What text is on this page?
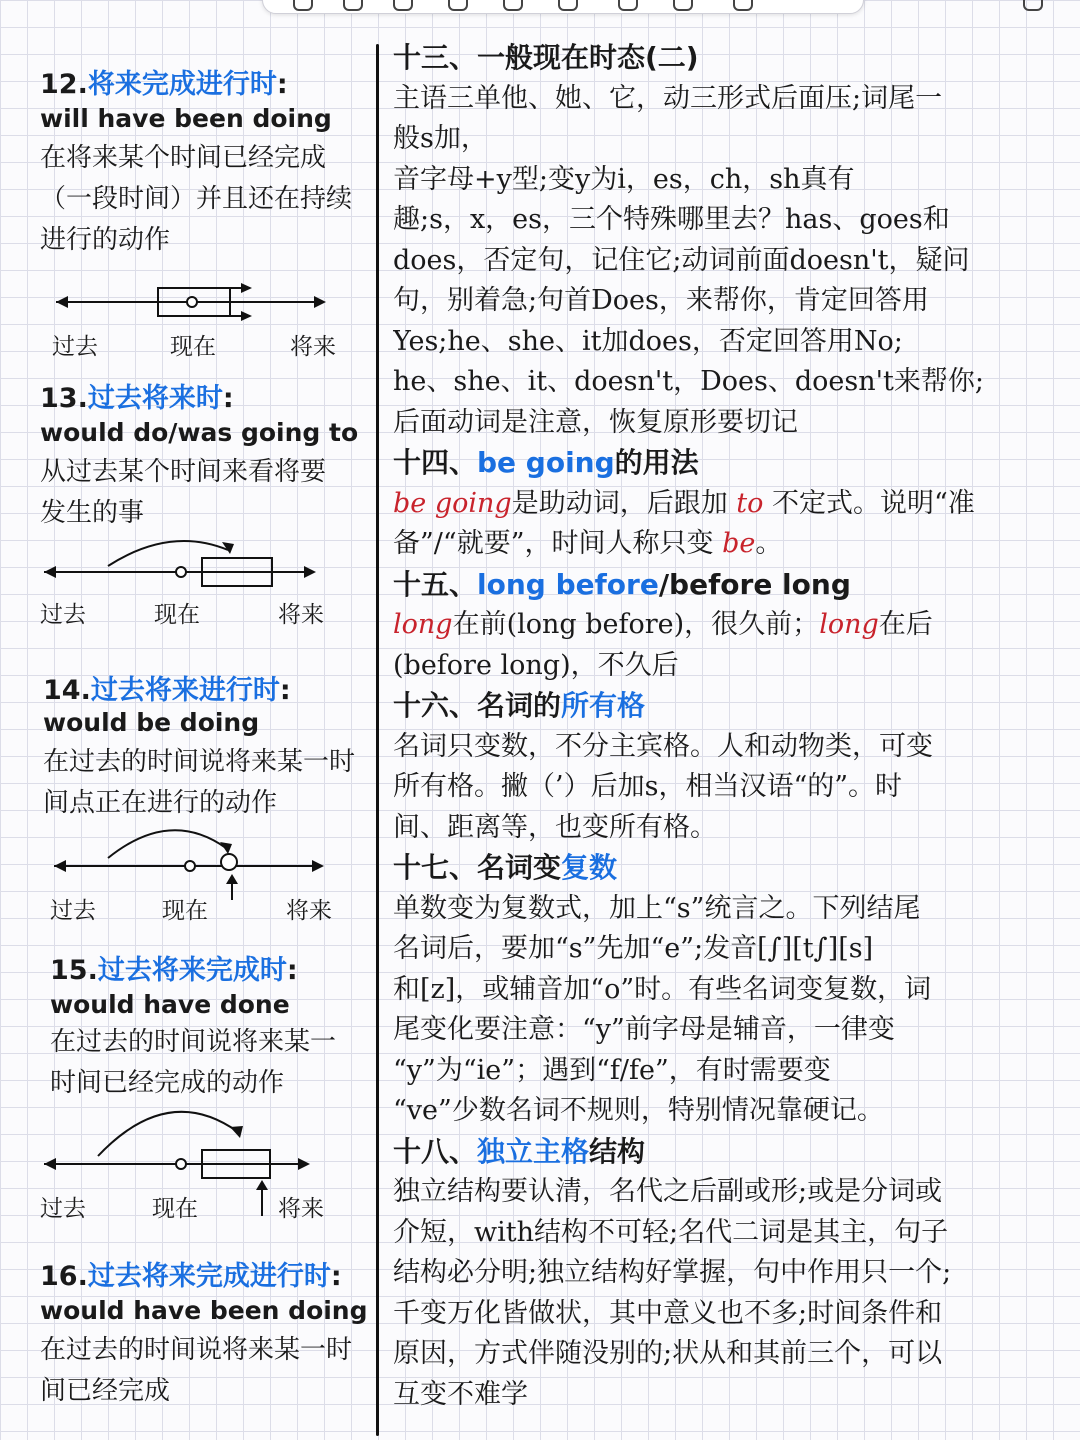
12.将来完成进行时:
will have been doing
在将来某个时间已经完成（一段时间）并且还在持续进行的动作
过去	现在	将来
13.过去将来时:
would do/was going to
从过去某个时间来看将要发生的事
过去	现在	将来
14.过去将来进行时:
would be doing
在过去的时间说将来某一时间点正在进行的动作
过去	现在	将来
15.过去将来完成时:
would have done
在过去的时间说将来某一时间已经完成的动作
过去	现在	将来
16.过去将来完成进行时:
would have been doing
在过去的时间说将来某一时间已经完成
十三、一般现在时态(二)
主语三单他、她、它，动三形式后面压;词尾一
般s加，
音字母+y型;变y为i，es，ch，sh真有
趣;s，x，es，三个特殊哪里去？has、goes和
does，否定句，记住它;动词前面doesn't，疑问
句，别着急;句首Does，来帮你，肯定回答用
Yes;he、she、it加does，否定回答用No;
he、she、it、doesn't，Does、doesn't来帮你;
后面动词是注意，恢复原形要切记
十四、be going的用法
be going是助动词，后跟加 to 不定式。说明“准
备”/“就要”，时间人称只变 be。
十五、long before/before long
long在前(long before)，很久前；long在后
(before long)，不久后
十六、名词的所有格
名词只变数，不分主宾格。人和动物类，可变
所有格。撇（’）后加s，相当汉语“的”。时
间、距离等，也变所有格。
十七、名词变复数
单数变为复数式，加上“s”统言之。下列结尾
名词后，要加“s”先加“e”;发音[∫][t∫][s]
和[z]，或辅音加“o”时。有些名词变复数，词
尾变化要注意：“y”前字母是辅音，一律变
“y”为“ie”；遇到“f/fe”，有时需要变
“ve”少数名词不规则，特别情况靠硬记。
十八、独立主格结构
独立结构要认清，名代之后副或形;或是分词或
介短，with结构不可轻;名代二词是其主，句子
结构必分明;独立结构好掌握，句中作用只一个;
千变万化皆做状，其中意义也不多;时间条件和
原因，方式伴随没别的;状从和其前三个，可以
互变不难学
